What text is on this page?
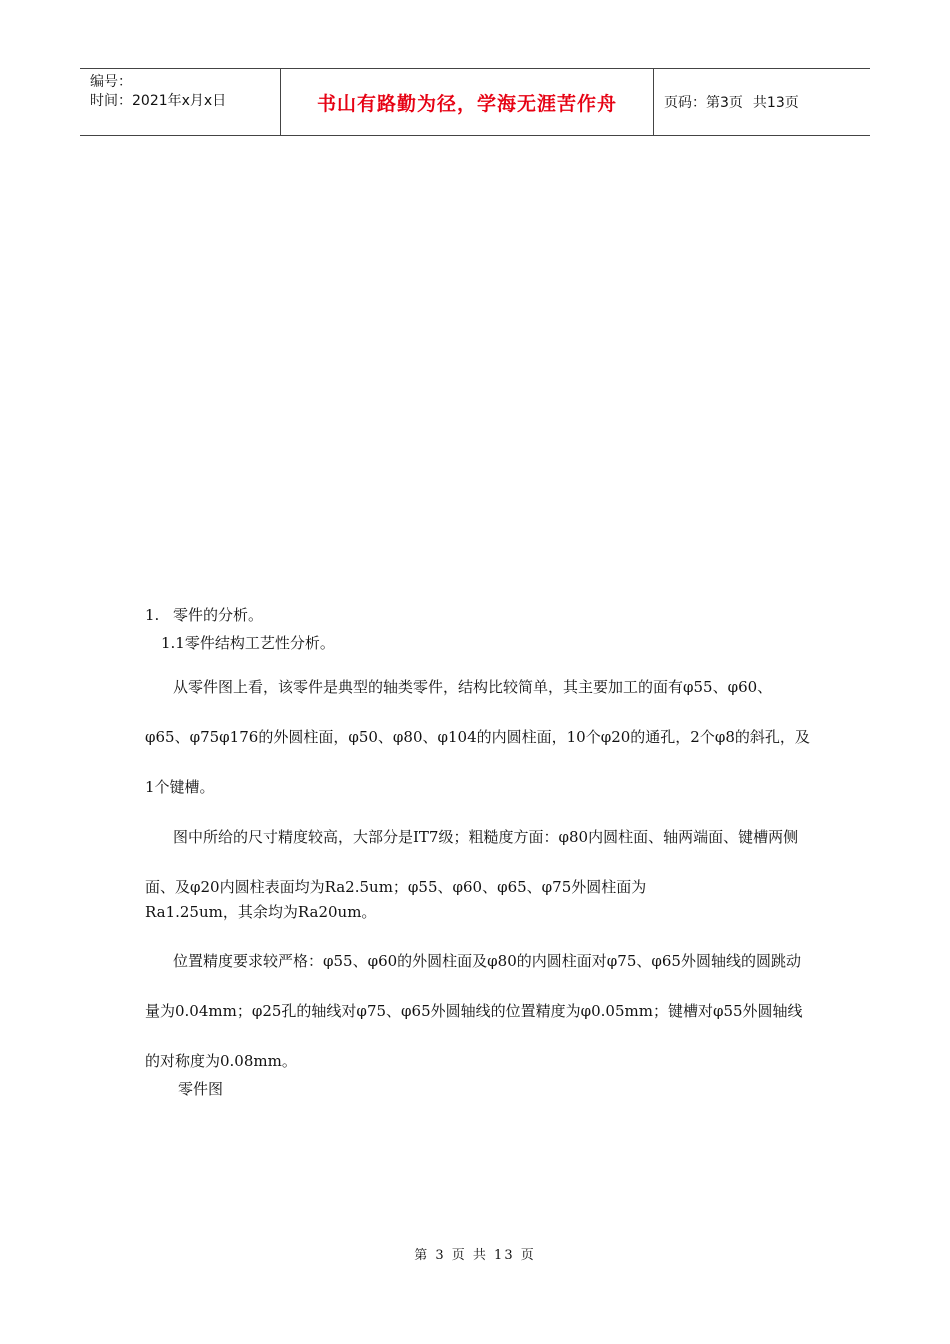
编号：
时间：2021年x月x日	书山有路勤为径，学海无涯苦作舟	页码：第3页 共13页
1. 零件的分析。
1.1零件结构工艺性分析。
从零件图上看，该零件是典型的轴类零件，结构比较简单，其主要加工的面有φ55、φ60、φ65、φ75φ176的外圆柱面，φ50、φ80、φ104的内圆柱面，10个φ20的通孔，2个φ8的斜孔，及1个键槽。
图中所给的尺寸精度较高，大部分是IT7级；粗糙度方面：φ80内圆柱面、轴两端面、键槽两侧面、及φ20内圆柱表面均为Ra2.5um；φ55、φ60、φ65、φ75外圆柱面为
Ra1.25um，其余均为Ra20um。
位置精度要求较严格：φ55、φ60的外圆柱面及φ80的内圆柱面对φ75、φ65外圆轴线的圆跳动量为0.04mm；φ25孔的轴线对φ75、φ65外圆轴线的位置精度为φ0.05mm；键槽对φ55外圆轴线的对称度为0.08mm。
零件图
第 3 页 共 13 页
